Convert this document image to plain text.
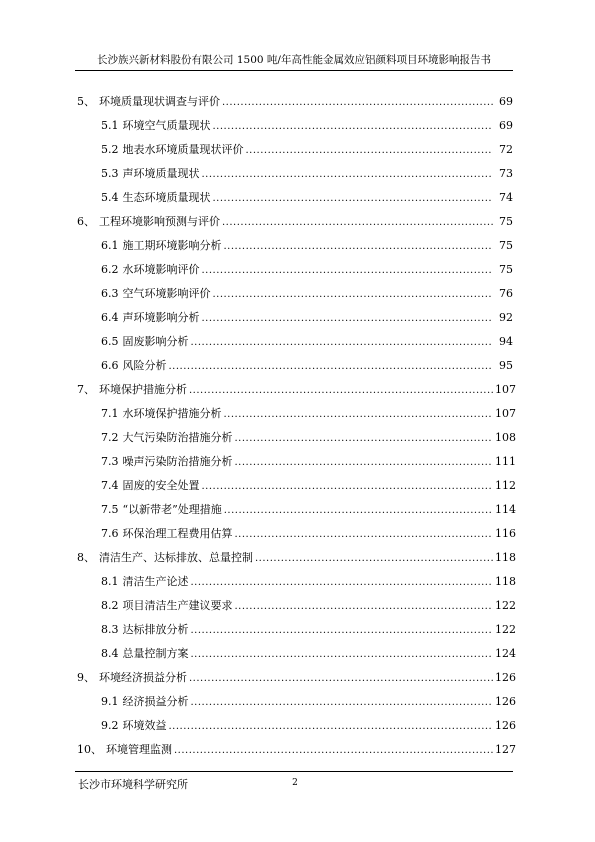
长沙族兴新材料股份有限公司 1500 吨/年高性能金属效应铝颜料项目环境影响报告书
5、 环境质量现状调查与评价 .....	69
5.1 环境空气质量现状 .....	69
5.2 地表水环境质量现状评价 .....	72
5.3 声环境质量现状 .....	73
5.4 生态环境质量现状 .....	74
6、 工程环境影响预测与评价 .....	75
6.1 施工期环境影响分析 .....	75
6.2 水环境影响评价 .....	75
6.3 空气环境影响评价 .....	76
6.4 声环境影响分析 .....	92
6.5 固废影响分析 .....	94
6.6 风险分析 .....	95
7、 环境保护措施分析 .....	107
7.1 水环境保护措施分析 .....	107
7.2 大气污染防治措施分析 .....	108
7.3 噪声污染防治措施分析 .....	111
7.4 固废的安全处置 .....	112
7.5 “以新带老”处理措施 .....	114
7.6 环保治理工程费用估算 .....	116
8、 清洁生产、达标排放、总量控制 .....	118
8.1 清洁生产论述 .....	118
8.2 项目清洁生产建议要求 .....	122
8.3 达标排放分析 .....	122
8.4 总量控制方案 .....	124
9、 环境经济损益分析 .....	126
9.1 经济损益分析 .....	126
9.2 环境效益 .....	126
10、 环境管理监测 .....	127
长沙市环境科学研究所	2
